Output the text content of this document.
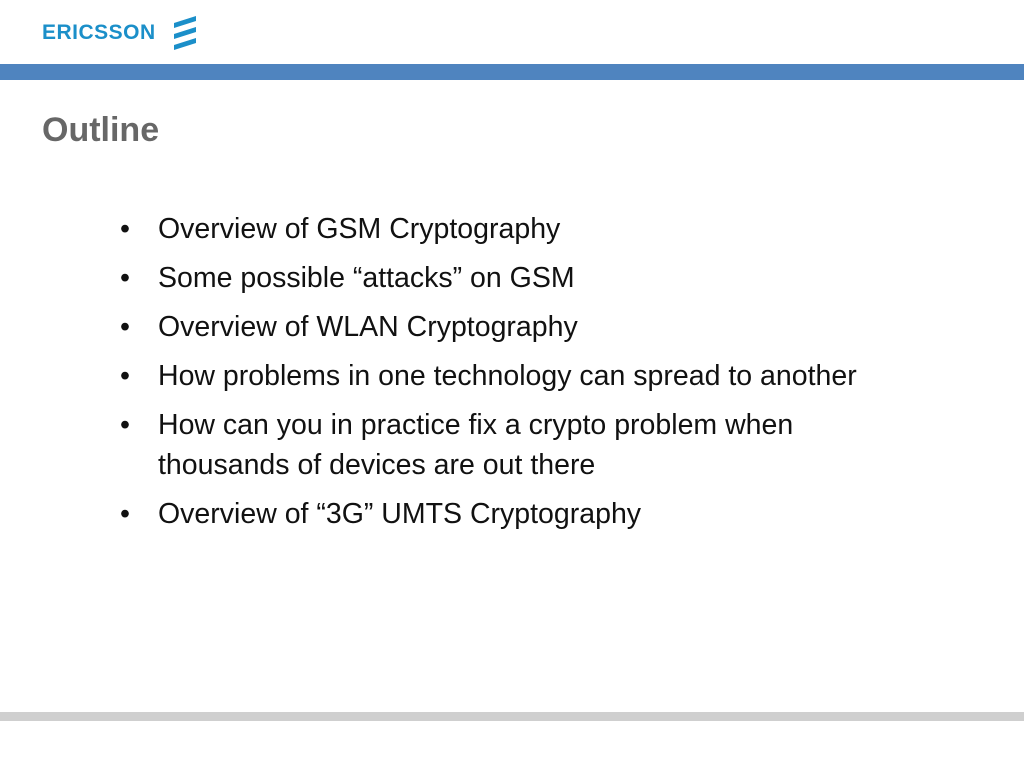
ERICSSON
Outline
• Overview of GSM Cryptography
• Some possible “attacks” on GSM
• Overview of WLAN Cryptography
• How problems in one technology can spread to another
• How can you in practice fix a crypto problem when thousands of devices are out there
• Overview of “3G” UMTS Cryptography
